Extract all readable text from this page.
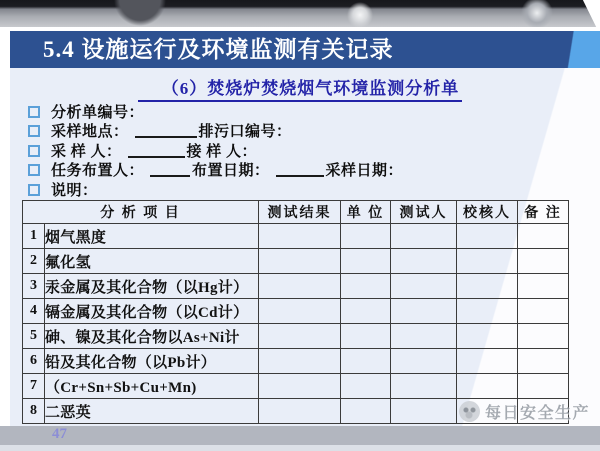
5.4 设施运行及环境监测有关记录
（6）焚烧炉焚烧烟气环境监测分析单
分析单编号：
采样地点：	排污口编号：
采 样 人：	接 样 人：
任务布置人：	布置日期：	采样日期：
说明：
分 析 项 目		测试结果	单 位	测试人	校核人	备 注
1	烟气黑度					
2	氟化氢					
3	汞金属及其化合物（以Hg计）					
4	镉金属及其化合物（以Cd计）					
5	砷、镍及其化合物以As+Ni计					
6	铅及其化合物（以Pb计）					
7	（Cr+Sn+Sb+Cu+Mn)					
8	二恶英					
47
每日安全生产
